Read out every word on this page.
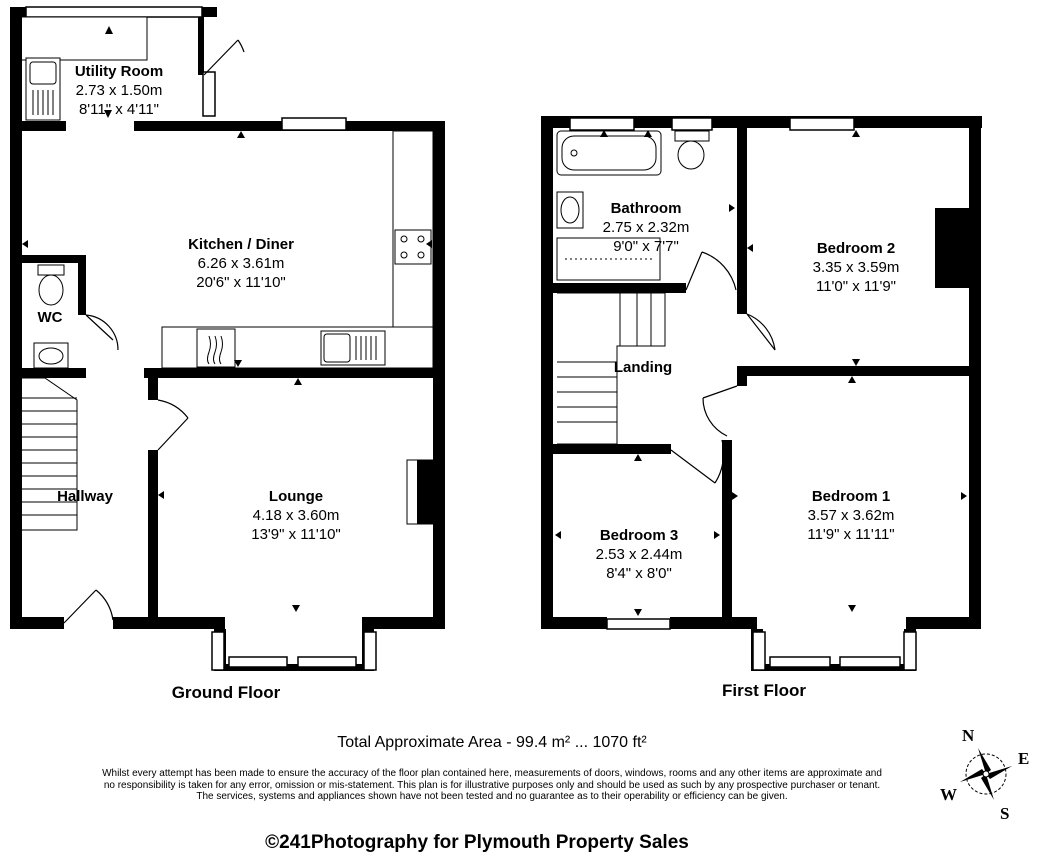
N
E
S
W
Utility Room
2.73 x 1.50m
8'11" x 4'11"
Kitchen / Diner
6.26 x 3.61m
20'6" x 11'10"
WC
Hallway	Lounge
4.18 x 3.60m
13'9" x 11'10"
Bathroom
2.75 x 2.32m
9'0" x 7'7"	Bedroom 2
3.35 x 3.59m
11'0" x 11'9"
Landing
Bedroom 1
3.57 x 3.62m
11'9" x 11'11"
Bedroom 3
2.53 x 2.44m
8'4" x 8'0"
Ground Floor	First Floor
Total Approximate Area - 99.4 m² ... 1070 ft²
Whilst every attempt has been made to ensure the accuracy of the floor plan contained here, measurements of doors, windows, rooms and any other items are approximate and
no responsibility is taken for any error, omission or mis-statement. This plan is for illustrative purposes only and should be used as such by any prospective purchaser or tenant.
The services, systems and appliances shown have not been tested and no guarantee as to their operability or efficiency can be given.
©241Photography for Plymouth Property Sales
